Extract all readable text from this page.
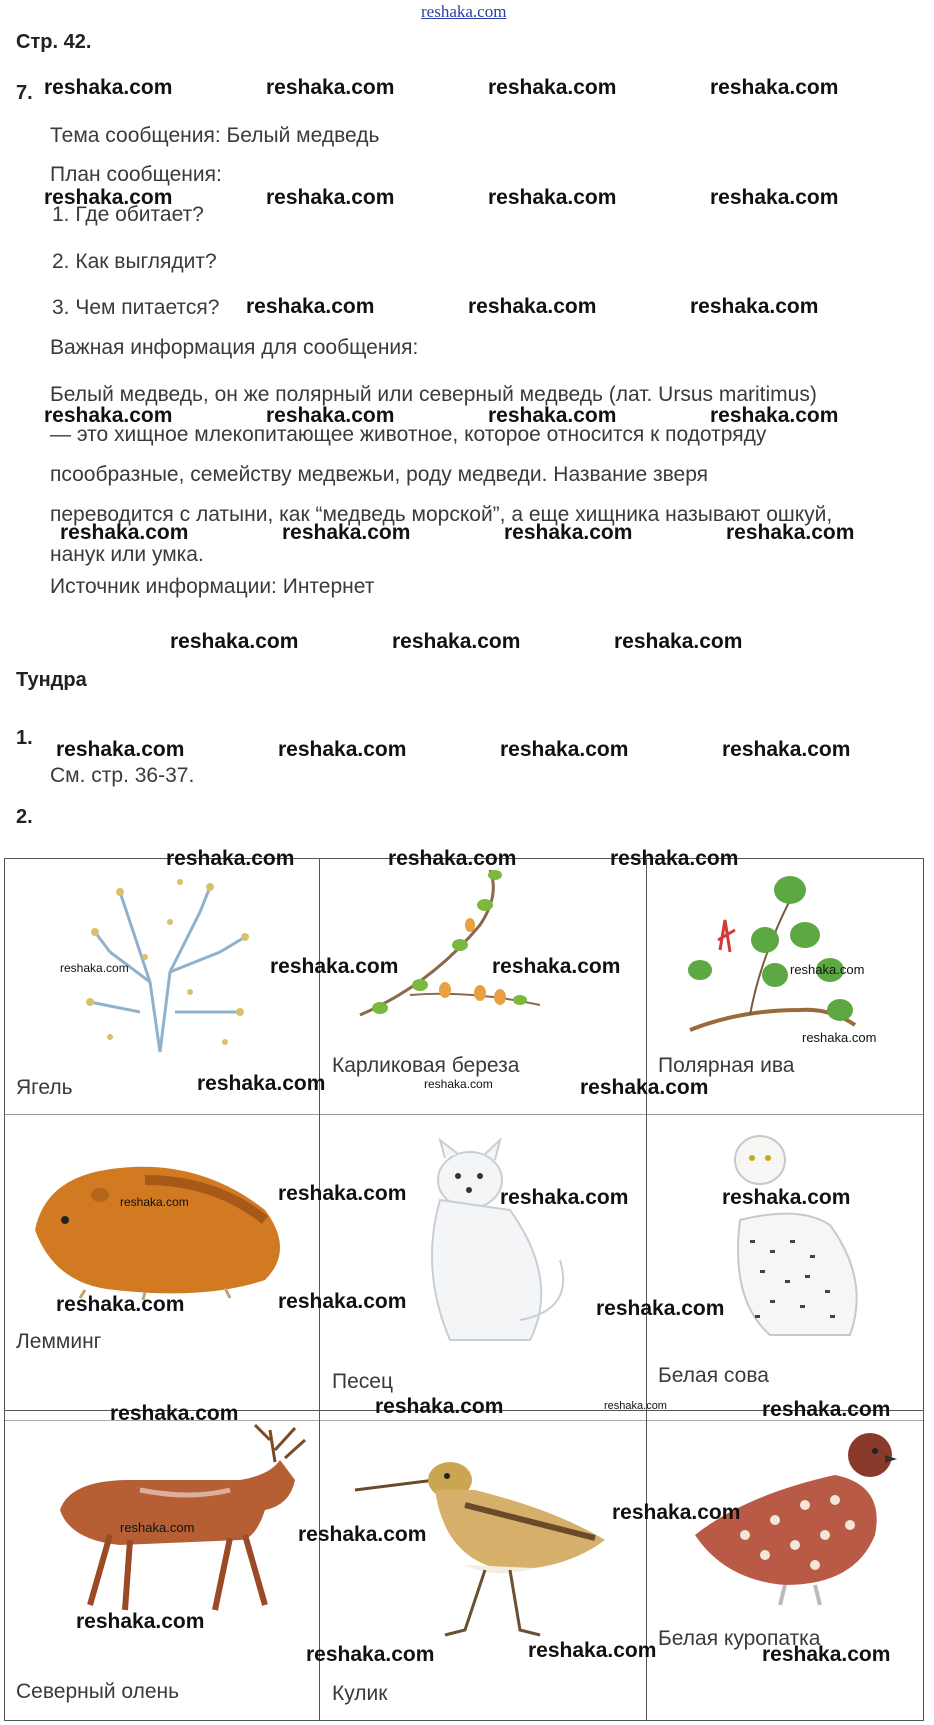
reshaka.com
Стр. 42.
7.
Тема сообщения: Белый медведь
План сообщения:
1. Где обитает?
2. Как выглядит?
3. Чем питается?
Важная информация для сообщения:
Белый медведь, он же полярный или северный медведь (лат. Ursus maritimus)
— это хищное млекопитающее животное, которое относится к подотряду
псообразные, семейству медвежьи, роду медведи. Название зверя
переводится с латыни, как “медведь морской”, а еще хищника называют ошкуй,
нанук или умка.
Источник информации: Интернет
Тундра
1.
См. стр. 36-37.
2.
Ягель
Карликовая береза	Полярная ива
Лемминг
Песец	Белая сова
Северный олень	Кулик
Белая куропатка
reshaka.com	reshaka.com	reshaka.com	reshaka.com
reshaka.com	reshaka.com	reshaka.com	reshaka.com
reshaka.com	reshaka.com	reshaka.com
reshaka.com	reshaka.com	reshaka.com	reshaka.com
reshaka.com	reshaka.com	reshaka.com	reshaka.com
reshaka.com	reshaka.com	reshaka.com
reshaka.com	reshaka.com	reshaka.com	reshaka.com
reshaka.com	reshaka.com	reshaka.com
reshaka.com	reshaka.com
reshaka.com	reshaka.com
reshaka.com	reshaka.com	reshaka.com
reshaka.com	reshaka.com	reshaka.com
reshaka.com	reshaka.com	reshaka.com
reshaka.com
reshaka.com
reshaka.com
reshaka.com	reshaka.com	reshaka.com
reshaka.com
reshaka.com
reshaka.com
reshaka.com
reshaka.com
reshaka.com
reshaka.com
